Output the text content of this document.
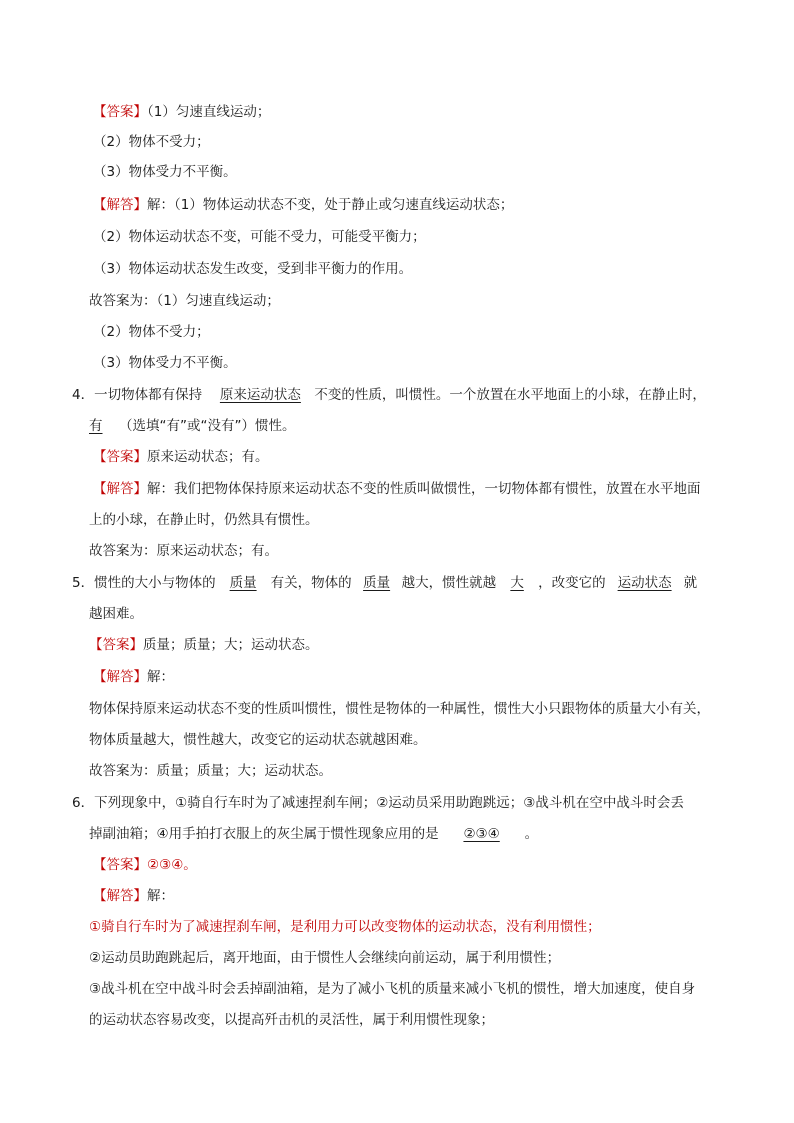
【答案】（1）匀速直线运动；
（2）物体不受力；
（3）物体受力不平衡。
【解答】解：（1）物体运动状态不变，处于静止或匀速直线运动状态；
（2）物体运动状态不变，可能不受力，可能受平衡力；
（3）物体运动状态发生改变，受到非平衡力的作用。
故答案为：（1）匀速直线运动；
（2）物体不受力；
（3）物体受力不平衡。
4．一切物体都有保持 原来运动状态 不变的性质，叫惯性。一个放置在水平地面上的小球，在静止时，
有 （选填“有”或“没有”）惯性。
【答案】原来运动状态；有。
【解答】解：我们把物体保持原来运动状态不变的性质叫做惯性，一切物体都有惯性，放置在水平地面
上的小球，在静止时，仍然具有惯性。
故答案为：原来运动状态；有。
5．惯性的大小与物体的 质量 有关，物体的 质量 越大，惯性就越 大 ，改变它的 运动状态 就
越困难。
【答案】质量；质量；大；运动状态。
【解答】解：
物体保持原来运动状态不变的性质叫惯性，惯性是物体的一种属性，惯性大小只跟物体的质量大小有关，
物体质量越大，惯性越大，改变它的运动状态就越困难。
故答案为：质量；质量；大；运动状态。
6．下列现象中，①骑自行车时为了减速捏刹车闸；②运动员采用助跑跳远；③战斗机在空中战斗时会丢
掉副油箱；④用手拍打衣服上的灰尘属于惯性现象应用的是 ②③④ 。
【答案】②③④。
【解答】解：
①骑自行车时为了减速捏刹车闸，是利用力可以改变物体的运动状态，没有利用惯性；
②运动员助跑跳起后，离开地面，由于惯性人会继续向前运动，属于利用惯性；
③战斗机在空中战斗时会丢掉副油箱，是为了减小飞机的质量来减小飞机的惯性，增大加速度，使自身
的运动状态容易改变，以提高歼击机的灵活性，属于利用惯性现象；
